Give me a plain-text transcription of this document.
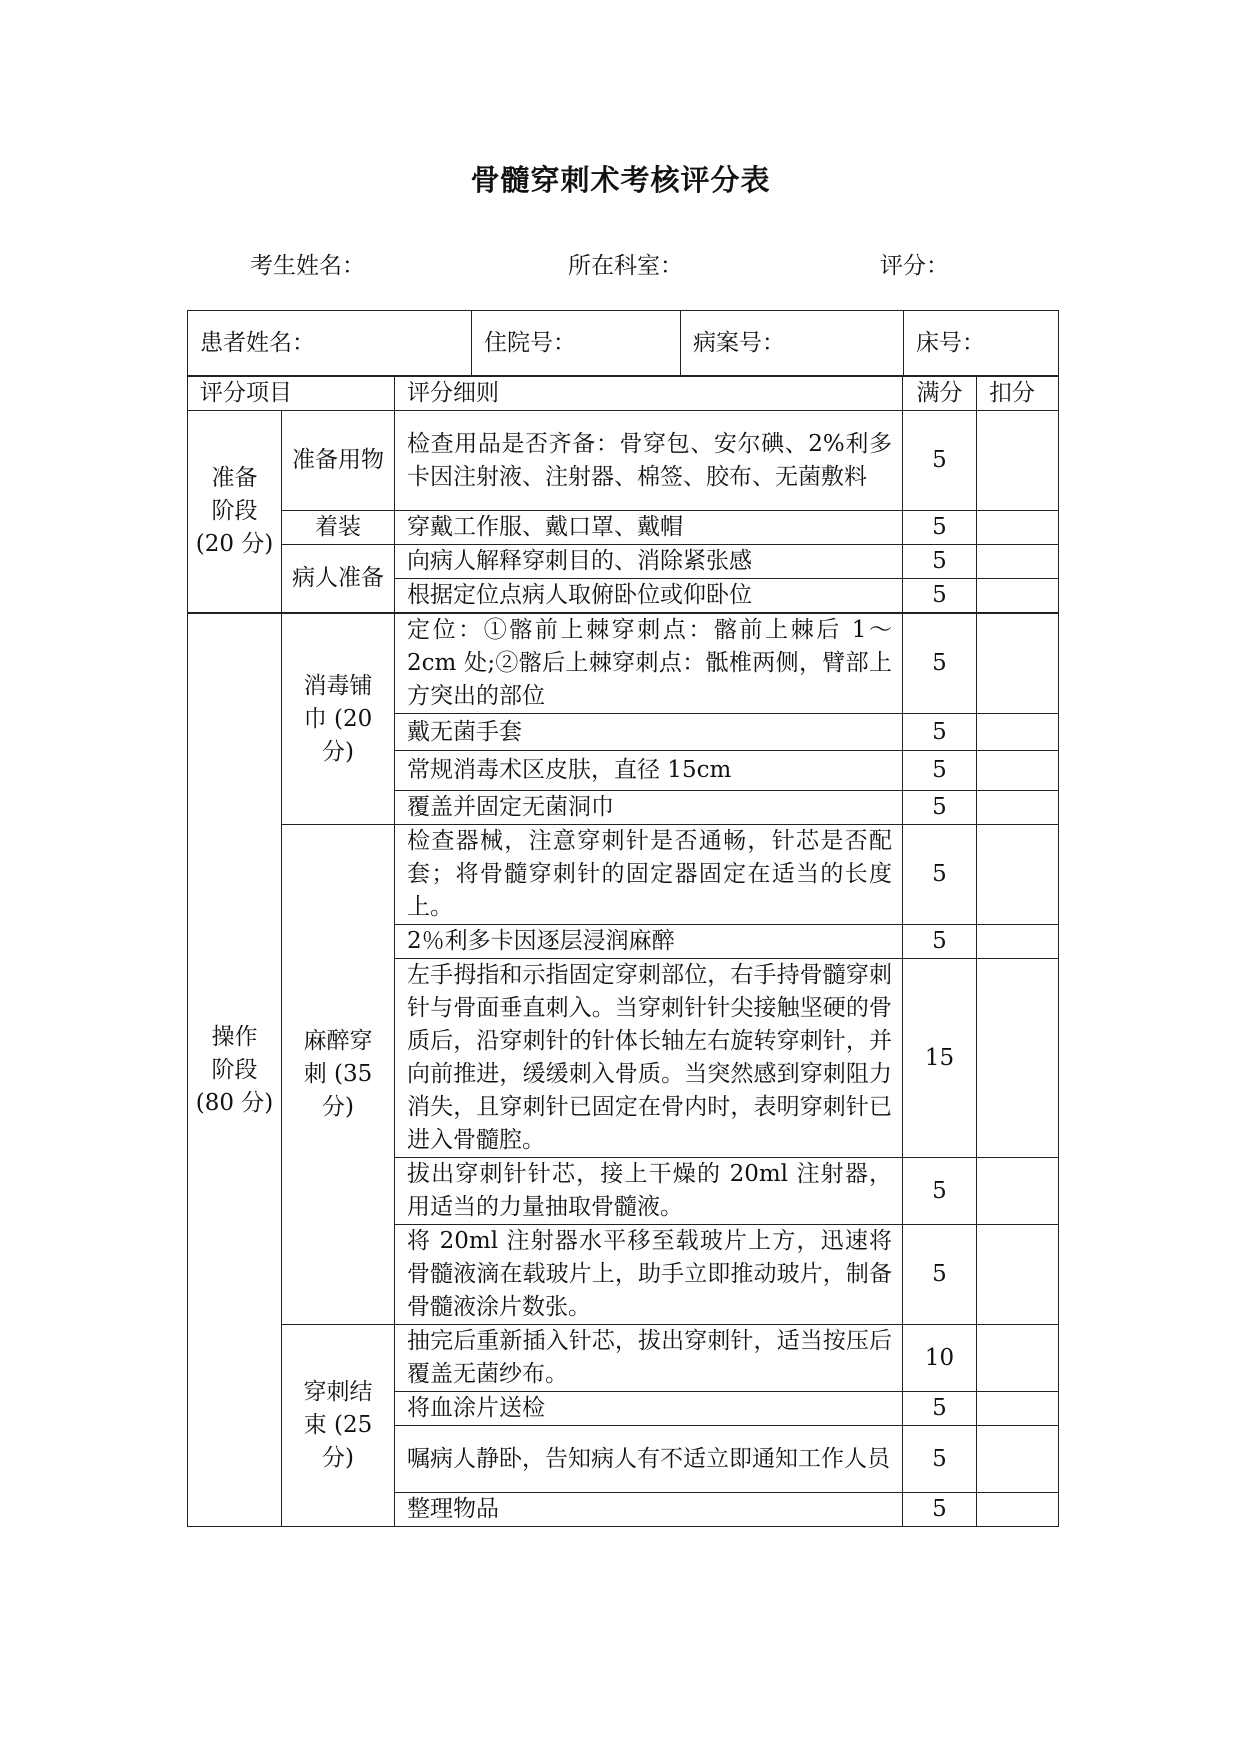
骨髓穿刺术考核评分表
考生姓名：	所在科室：	评分：
患者姓名：	住院号：	病案号：	床号：
评分项目		评分细则	满分	扣分

准备
阶段
(20 分)	准备用物	检查用品是否齐备：骨穿包、安尔碘、2%利多卡因注射液、注射器、棉签、胶布、无菌敷料	5	
	着装	穿戴工作服、戴口罩、戴帽	5	
	病人准备	向病人解释穿刺目的、消除紧张感	5	
		根据定位点病人取俯卧位或仰卧位	5	

操作
阶段
(80 分)	消毒铺巾 (20 分)	定位：①髂前上棘穿刺点：髂前上棘后 1～2cm 处;②髂后上棘穿刺点：骶椎两侧，臂部上方突出的部位	5	
		戴无菌手套	5	
		常规消毒术区皮肤，直径 15cm	5	
		覆盖并固定无菌洞巾	5	
	麻醉穿刺 (35 分)	检查器械，注意穿刺针是否通畅，针芯是否配套；将骨髓穿刺针的固定器固定在适当的长度上。	5	
		2％利多卡因逐层浸润麻醉	5	
		左手拇指和示指固定穿刺部位，右手持骨髓穿刺针与骨面垂直刺入。当穿刺针针尖接触坚硬的骨质后，沿穿刺针的针体长轴左右旋转穿刺针，并向前推进，缓缓刺入骨质。当突然感到穿刺阻力消失，且穿刺针已固定在骨内时，表明穿刺针已进入骨髓腔。	15	
		拔出穿刺针针芯，接上干燥的 20ml 注射器，用适当的力量抽取骨髓液。	5	
		将 20ml 注射器水平移至载玻片上方，迅速将骨髓液滴在载玻片上，助手立即推动玻片，制备骨髓液涂片数张。	5	
	穿刺结束 (25 分)	抽完后重新插入针芯，拔出穿刺针，适当按压后覆盖无菌纱布。	10	
		将血涂片送检	5	
		嘱病人静卧，告知病人有不适立即通知工作人员	5	
		整理物品	5	
